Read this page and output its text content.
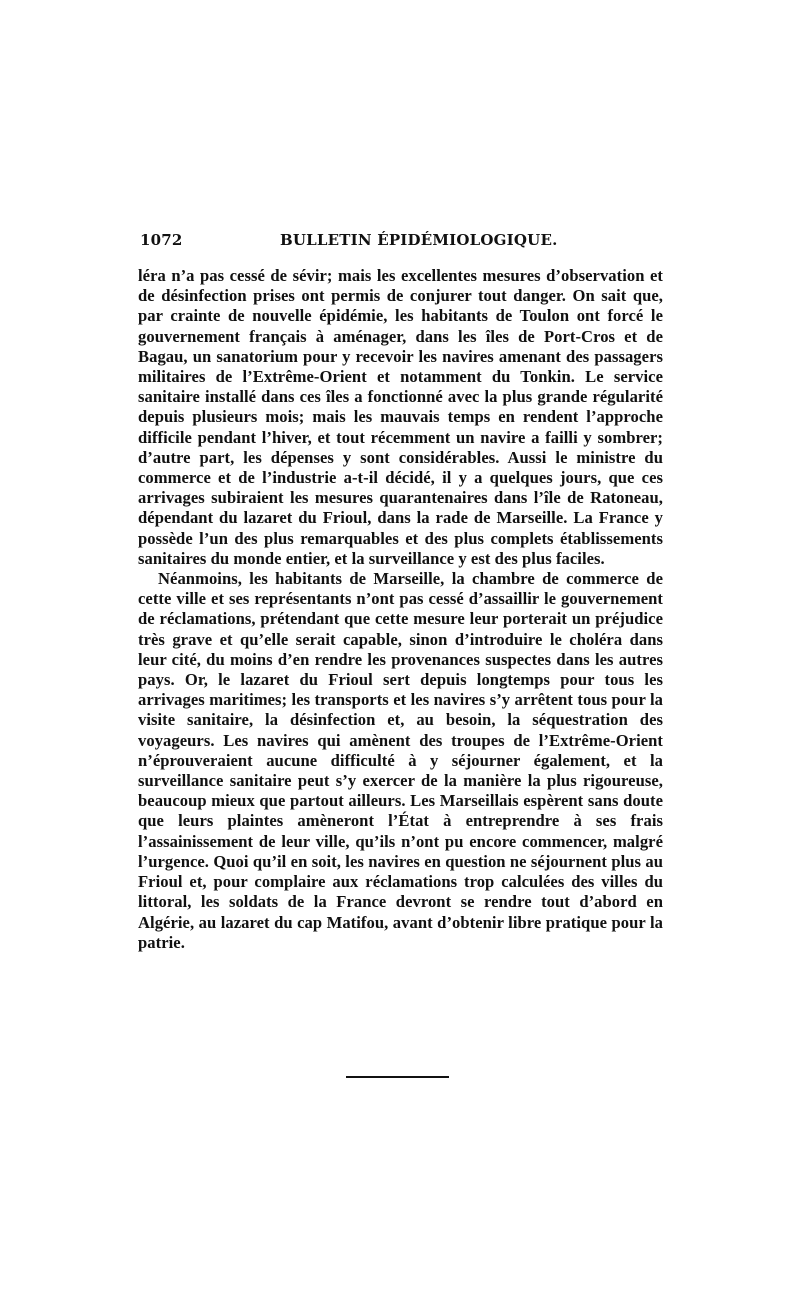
1072	BULLETIN ÉPIDÉMIOLOGIQUE.

léra n’a pas cessé de sévir; mais les excellentes mesures d’observation et de désinfection prises ont permis de conjurer tout danger. On sait que, par crainte de nouvelle épidémie, les habitants de Toulon ont forcé le gouvernement français à aménager, dans les îles de Port-Cros et de Bagau, un sanatorium pour y recevoir les navires amenant des passagers militaires de l’Extrême-Orient et notamment du Tonkin. Le service sanitaire installé dans ces îles a fonctionné avec la plus grande régularité depuis plusieurs mois; mais les mauvais temps en rendent l’approche difficile pendant l’hiver, et tout récemment un navire a failli y sombrer; d’autre part, les dépenses y sont considérables. Aussi le ministre du commerce et de l’industrie a-t-il décidé, il y a quelques jours, que ces arrivages subiraient les mesures quarantenaires dans l’île de Ratoneau, dépendant du lazaret du Frioul, dans la rade de Marseille. La France y possède l’un des plus remarquables et des plus complets établissements sanitaires du monde entier, et la surveillance y est des plus faciles.

Néanmoins, les habitants de Marseille, la chambre de commerce de cette ville et ses représentants n’ont pas cessé d’assaillir le gouvernement de réclamations, prétendant que cette mesure leur porterait un préjudice très grave et qu’elle serait capable, sinon d’introduire le choléra dans leur cité, du moins d’en rendre les provenances suspectes dans les autres pays. Or, le lazaret du Frioul sert depuis longtemps pour tous les arrivages maritimes; les transports et les navires s’y arrêtent tous pour la visite sanitaire, la désinfection et, au besoin, la séquestration des voyageurs. Les navires qui amènent des troupes de l’Extrême-Orient n’éprouveraient aucune difficulté à y séjourner également, et la surveillance sanitaire peut s’y exercer de la manière la plus rigoureuse, beaucoup mieux que partout ailleurs. Les Marseillais espèrent sans doute que leurs plaintes amèneront l’État à entreprendre à ses frais l’assainissement de leur ville, qu’ils n’ont pu encore commencer, malgré l’urgence. Quoi qu’il en soit, les navires en question ne séjournent plus au Frioul et, pour complaire aux réclamations trop calculées des villes du littoral, les soldats de la France devront se rendre tout d’abord en Algérie, au lazaret du cap Matifou, avant d’obtenir libre pratique pour la patrie.
